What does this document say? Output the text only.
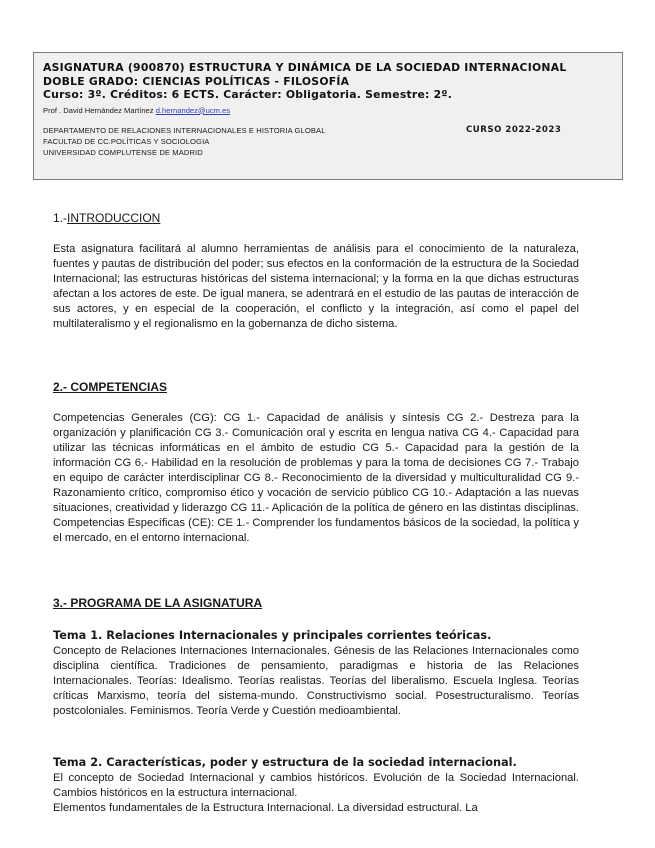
ASIGNATURA (900870) ESTRUCTURA Y DINÁMICA DE LA SOCIEDAD INTERNACIONAL
DOBLE GRADO: CIENCIAS POLÍTICAS - FILOSOFÍA
Curso: 3º. Créditos: 6 ECTS. Carácter: Obligatoria. Semestre: 2º.
Prof . David Hernández Martínez d.hernandez@ucm.es
DEPARTAMENTO DE RELACIONES INTERNACIONALES E HISTORIA GLOBAL	CURSO 2022-2023
FACULTAD DE CC.POLÍTICAS Y SOCIOLOGIA
UNIVERSIDAD COMPLUTENSE DE MADRID
1.-INTRODUCCION

Esta asignatura facilitará al alumno herramientas de análisis para el conocimiento de la naturaleza, fuentes y pautas de distribución del poder; sus efectos en la conformación de la estructura de la Sociedad Internacional; las estructuras históricas del sistema internacional; y la forma en la que dichas estructuras afectan a los actores de este. De igual manera, se adentrará en el estudio de las pautas de interacción de sus actores, y en especial de la cooperación, el conflicto y la integración, así como el papel del multilateralismo y el regionalismo en la gobernanza de dicho sistema.

2.- COMPETENCIAS

Competencias Generales (CG): CG 1.- Capacidad de análisis y síntesis CG 2.- Destreza para la organización y planificación CG 3.- Comunicación oral y escrita en lengua nativa CG 4.- Capacidad para utilizar las técnicas informáticas en el ámbito de estudio CG 5.- Capacidad para la gestión de la información CG 6.- Habilidad en la resolución de problemas y para la toma de decisiones CG 7.- Trabajo en equipo de carácter interdisciplinar CG 8.- Reconocimiento de la diversidad y multiculturalidad CG 9.- Razonamiento crítico, compromiso ético y vocación de servicio público CG 10.- Adaptación a las nuevas situaciones, creatividad y liderazgo CG 11.- Aplicación de la política de género en las distintas disciplinas. Competencias Específicas (CE): CE 1.- Comprender los fundamentos básicos de la sociedad, la política y el mercado, en el entorno internacional.

3.- PROGRAMA DE LA ASIGNATURA
Tema 1. Relaciones Internacionales y principales corrientes teóricas.

Concepto de Relaciones Internaciones Internacionales. Génesis de las Relaciones Internacionales como disciplina científica. Tradiciones de pensamiento, paradigmas e historia de las Relaciones Internacionales. Teorías: Idealismo. Teorías realistas. Teorías del liberalismo. Escuela Inglesa. Teorías críticas Marxismo, teoría del sistema-mundo. Constructivismo social. Posestructuralismo. Teorías postcoloniales. Feminismos. Teoría Verde y Cuestión medioambiental.

Tema 2. Características, poder y estructura de la sociedad internacional.
El concepto de Sociedad Internacional y cambios históricos. Evolución de la Sociedad Internacional. Cambios históricos en la estructura internacional.
Elementos fundamentales de la Estructura Internacional. La diversidad estructural. La
